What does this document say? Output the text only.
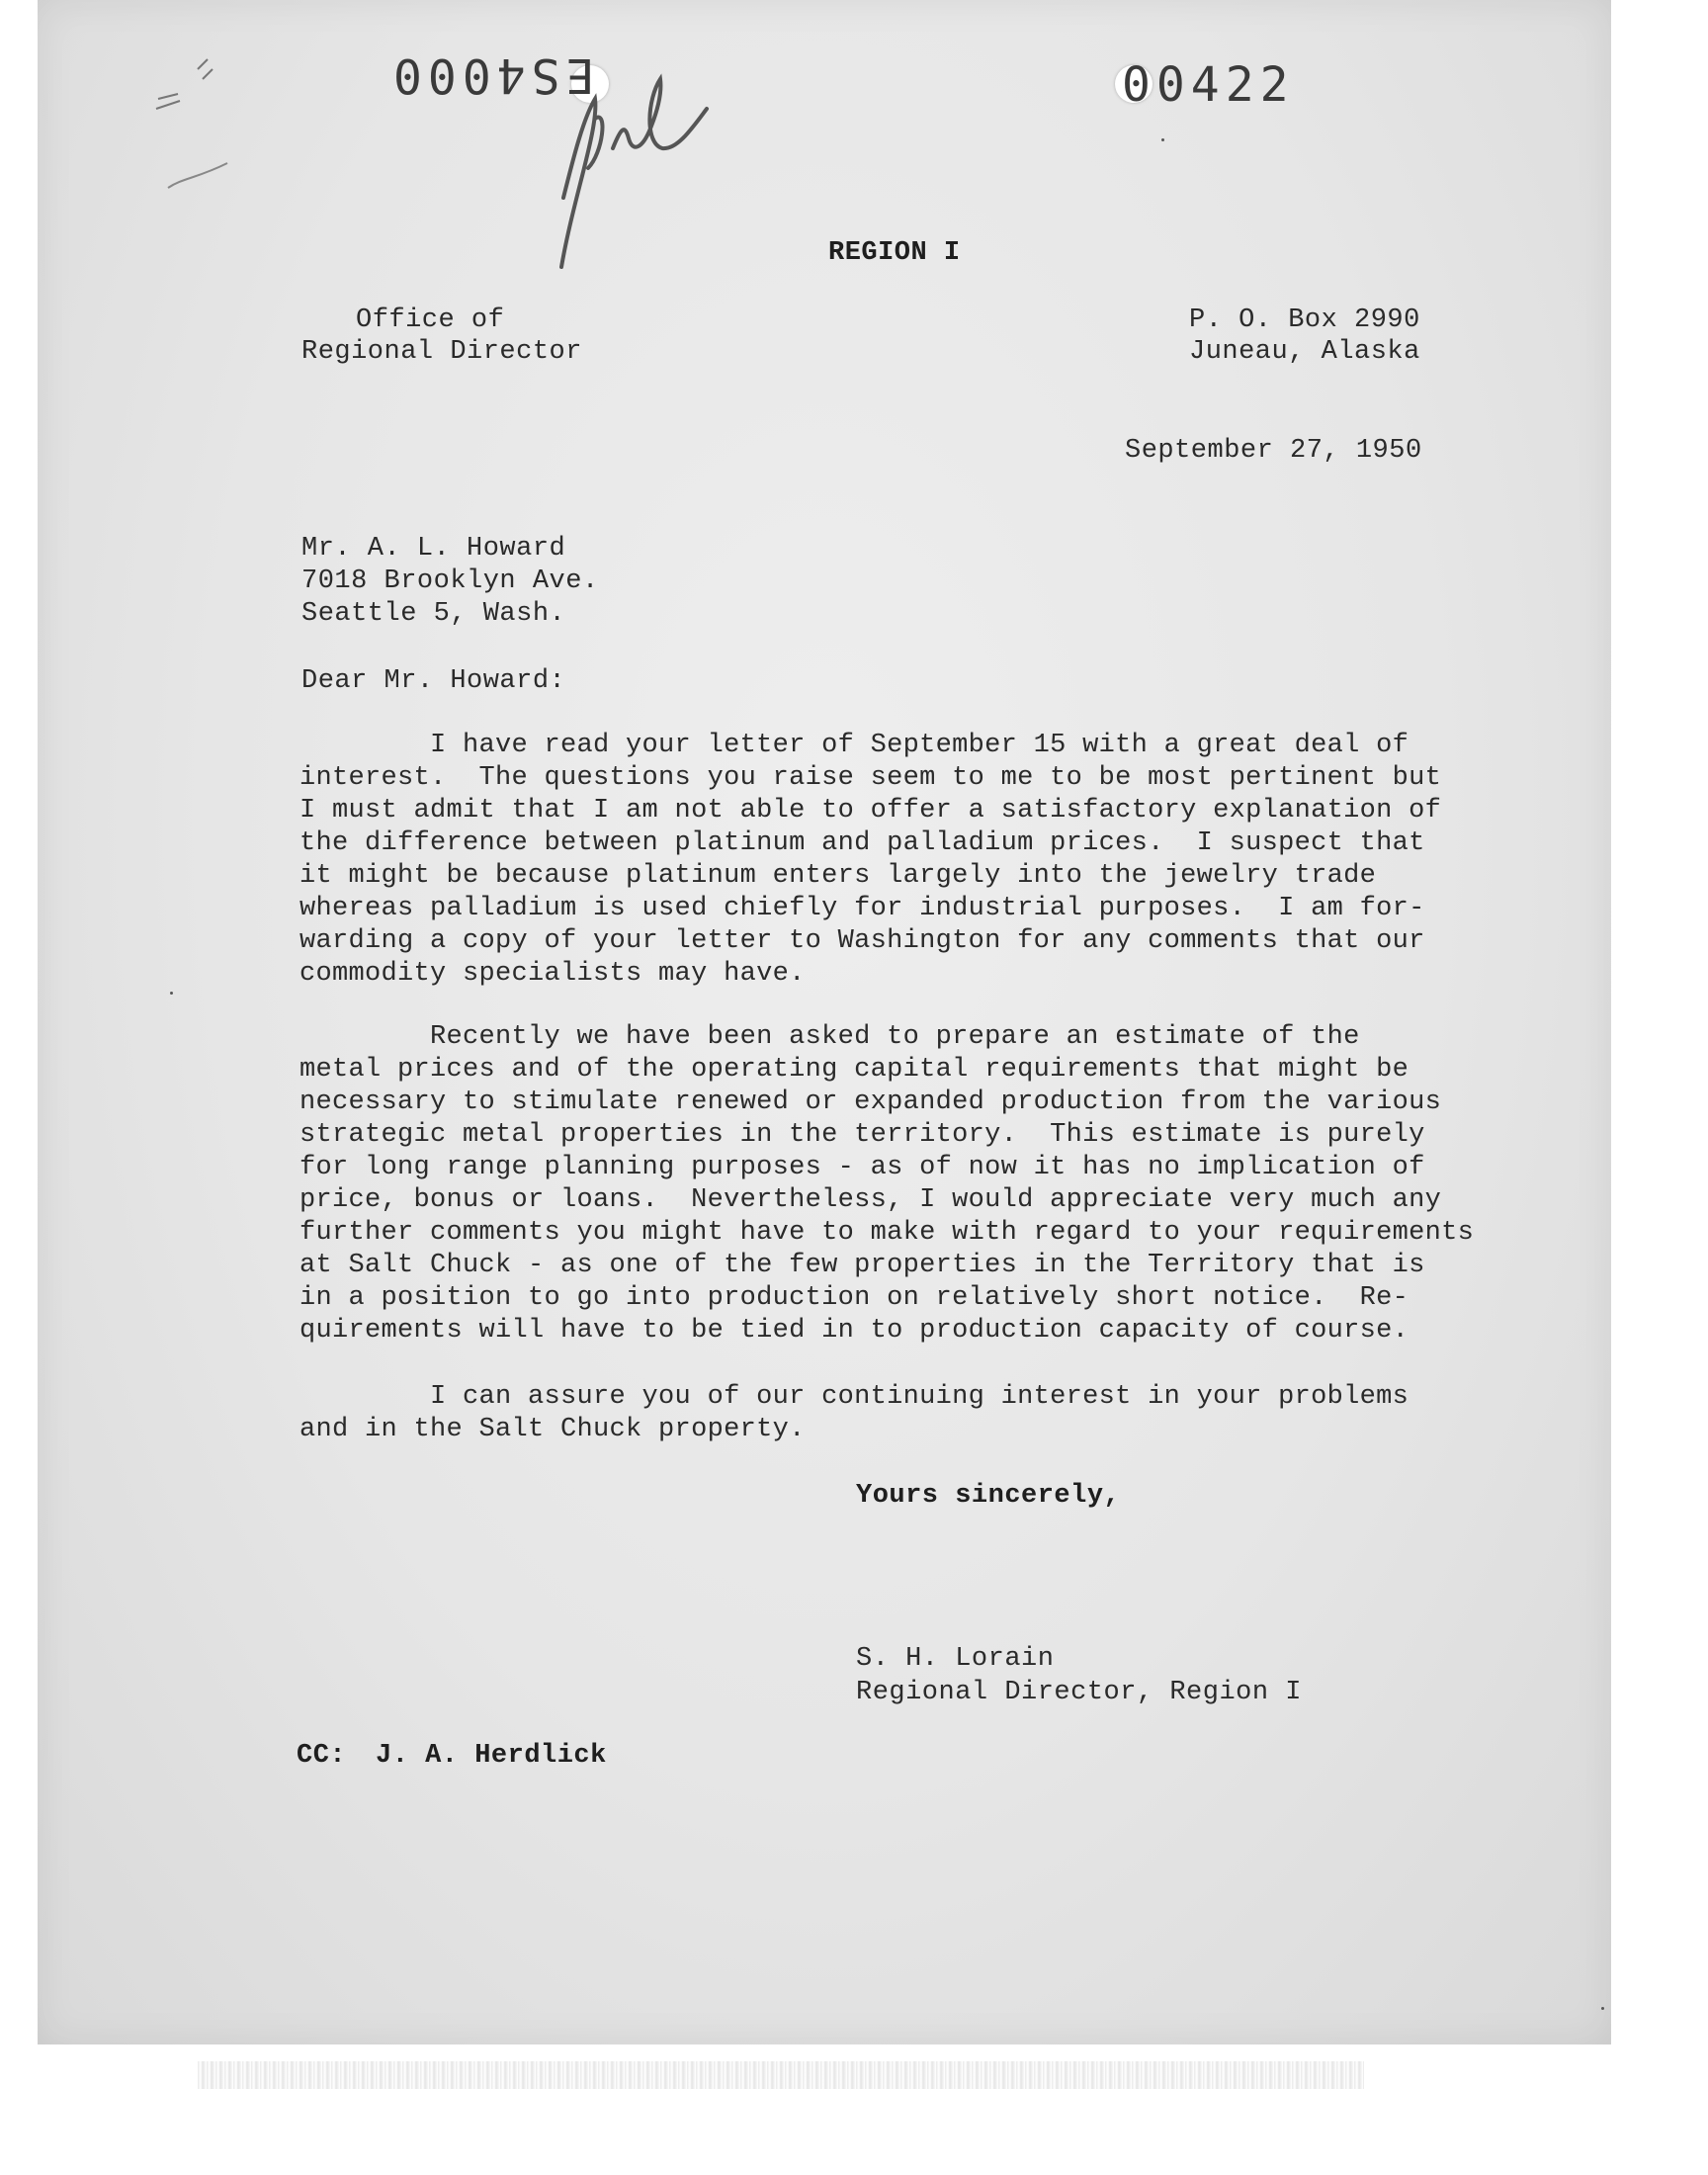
ES4000	00422
REGION I
Office of
Regional Director
P. O. Box 2990
Juneau, Alaska
September 27, 1950
Mr. A. L. Howard
7018 Brooklyn Ave.
Seattle 5, Wash.
Dear Mr. Howard:
I have read your letter of September 15 with a great deal of
interest.  The questions you raise seem to me to be most pertinent but
I must admit that I am not able to offer a satisfactory explanation of
the difference between platinum and palladium prices.  I suspect that
it might be because platinum enters largely into the jewelry trade
whereas palladium is used chiefly for industrial purposes.  I am for-
warding a copy of your letter to Washington for any comments that our
commodity specialists may have.
Recently we have been asked to prepare an estimate of the
metal prices and of the operating capital requirements that might be
necessary to stimulate renewed or expanded production from the various
strategic metal properties in the territory.  This estimate is purely
for long range planning purposes - as of now it has no implication of
price, bonus or loans.  Nevertheless, I would appreciate very much any
further comments you might have to make with regard to your requirements
at Salt Chuck - as one of the few properties in the Territory that is
in a position to go into production on relatively short notice.  Re-
quirements will have to be tied in to production capacity of course.
I can assure you of our continuing interest in your problems
and in the Salt Chuck property.
Yours sincerely,
S. H. Lorain
Regional Director, Region I
CC: J. A. Herdlick
